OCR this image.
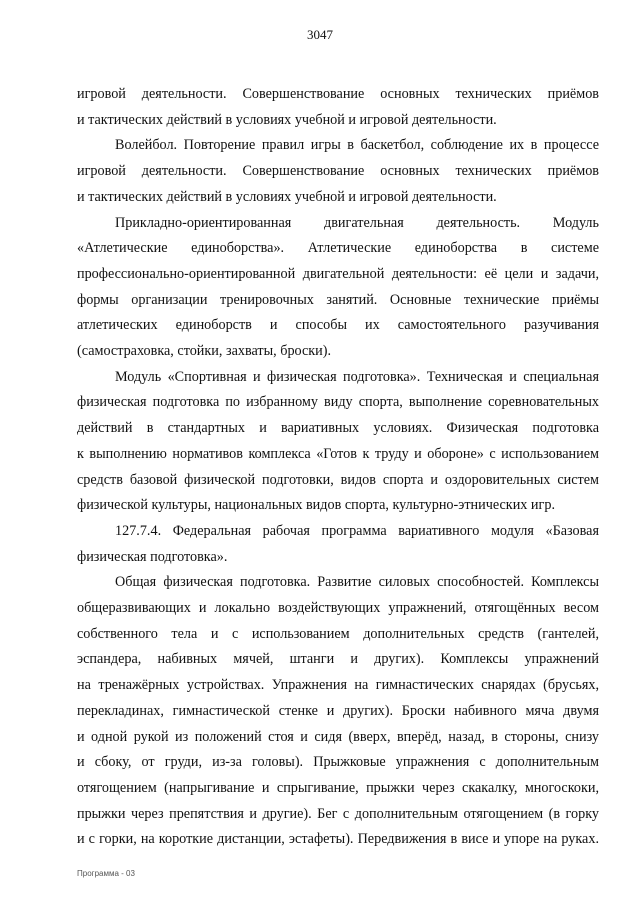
3047
игровой деятельности. Совершенствование основных технических приёмов
и тактических действий в условиях учебной и игровой деятельности.
Волейбол. Повторение правил игры в баскетбол, соблюдение их в процессе
игровой деятельности. Совершенствование основных технических приёмов
и тактических действий в условиях учебной и игровой деятельности.
Прикладно-ориентированная двигательная деятельность. Модуль
«Атлетические единоборства». Атлетические единоборства в системе
профессионально-ориентированной двигательной деятельности: её цели и задачи,
формы организации тренировочных занятий. Основные технические приёмы
атлетических единоборств и способы их самостоятельного разучивания
(самостраховка, стойки, захваты, броски).
Модуль «Спортивная и физическая подготовка». Техническая и специальная
физическая подготовка по избранному виду спорта, выполнение соревновательных
действий в стандартных и вариативных условиях. Физическая подготовка
к выполнению нормативов комплекса «Готов к труду и обороне» с использованием
средств базовой физической подготовки, видов спорта и оздоровительных систем
физической культуры, национальных видов спорта, культурно-этнических игр.
127.7.4. Федеральная рабочая программа вариативного модуля «Базовая
физическая подготовка».
Общая физическая подготовка. Развитие силовых способностей. Комплексы
общеразвивающих и локально воздействующих упражнений, отягощённых весом
собственного тела и с использованием дополнительных средств (гантелей,
эспандера, набивных мячей, штанги и других). Комплексы упражнений
на тренажёрных устройствах. Упражнения на гимнастических снарядах (брусьях,
перекладинах, гимнастической стенке и других). Броски набивного мяча двумя
и одной рукой из положений стоя и сидя (вверх, вперёд, назад, в стороны, снизу
и сбоку, от груди, из-за головы). Прыжковые упражнения с дополнительным
отягощением (напрыгивание и спрыгивание, прыжки через скакалку, многоскоки,
прыжки через препятствия и другие). Бег с дополнительным отягощением (в горку
и с горки, на короткие дистанции, эстафеты). Передвижения в висе и упоре на руках.
Программа - 03
